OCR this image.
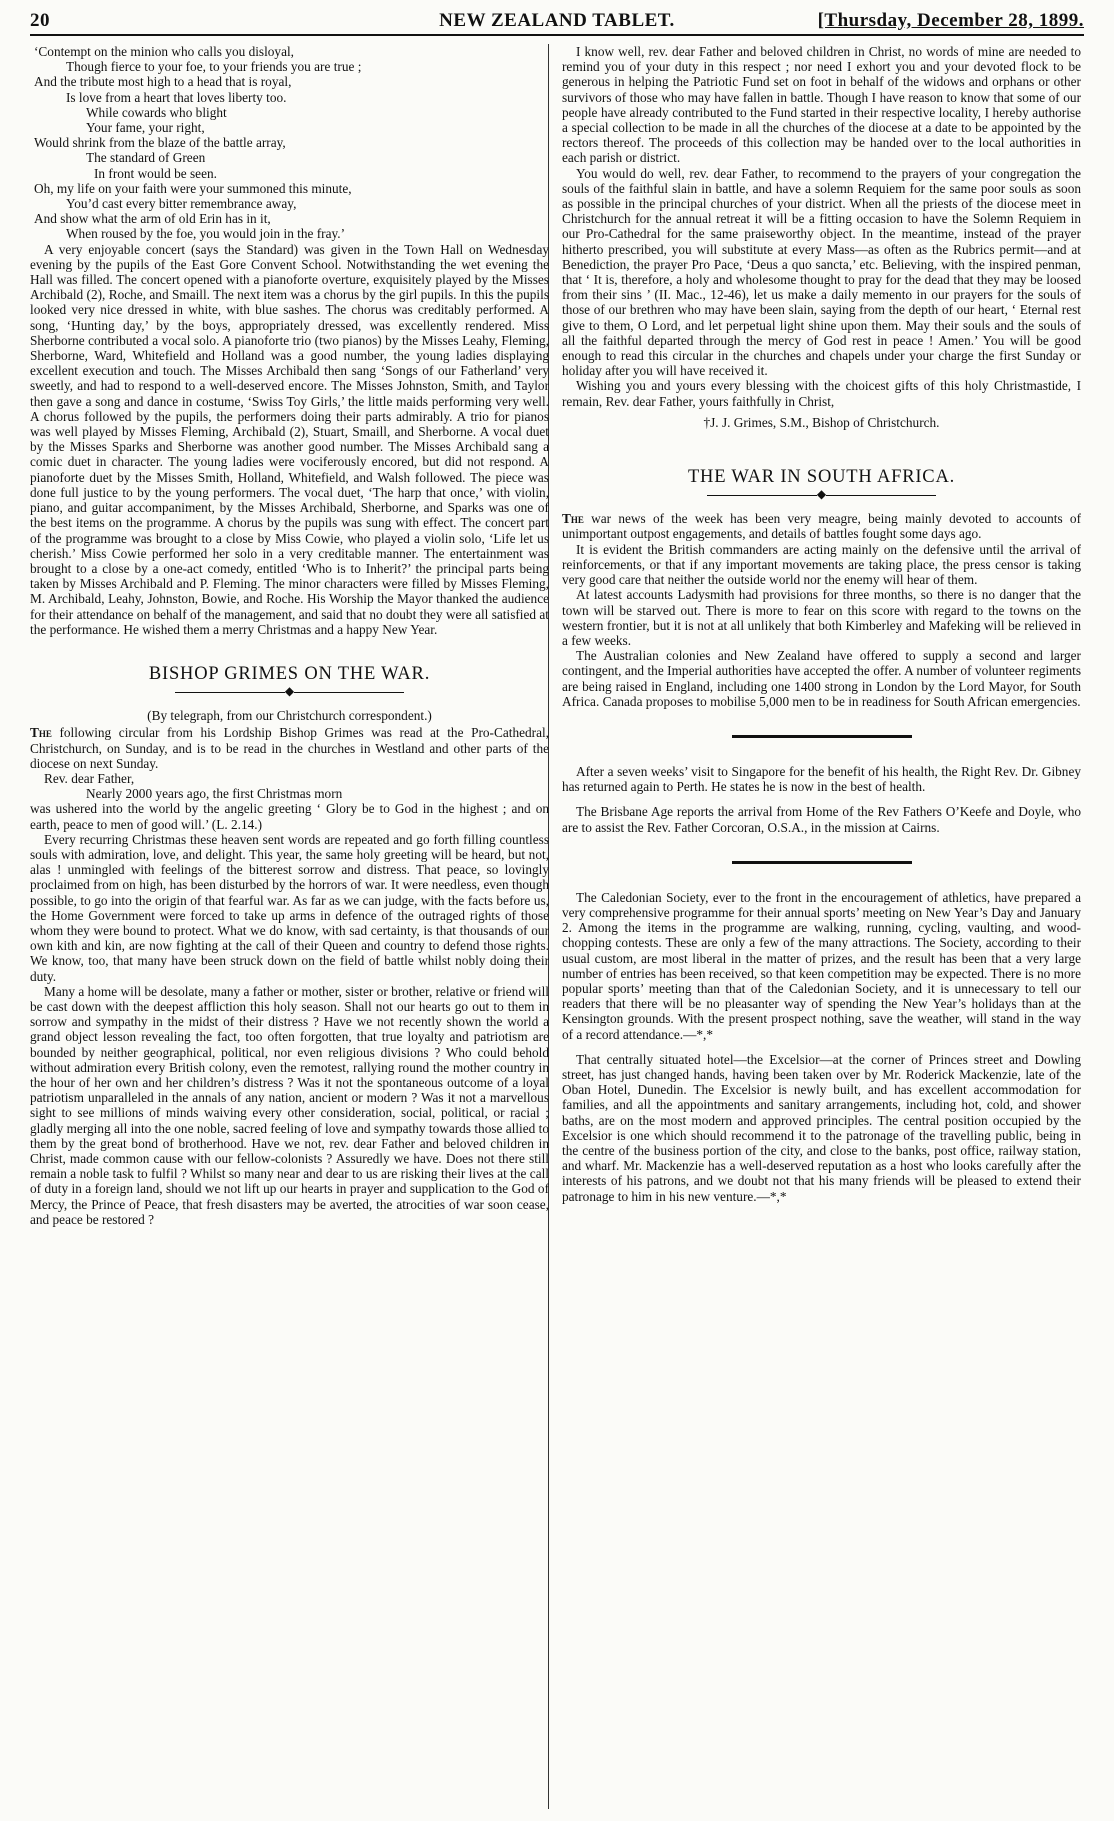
20	NEW ZEALAND TABLET.	[Thursday, December 28, 1899.
‘Contempt on the minion who calls you disloyal,
Though fierce to your foe, to your friends you are true ;
And the tribute most high to a head that is royal,
Is love from a heart that loves liberty too.
While cowards who blight
Your fame, your right,
Would shrink from the blaze of the battle array,
The standard of Green
In front would be seen.
Oh, my life on your faith were your summoned this minute,
You’d cast every bitter remembrance away,
And show what the arm of old Erin has in it,
When roused by the foe, you would join in the fray.’

A very enjoyable concert (says the Standard) was given in the Town Hall on Wednesday evening by the pupils of the East Gore Convent School. Notwithstanding the wet evening the Hall was filled. The concert opened with a pianoforte overture, exquisitely played by the Misses Archibald (2), Roche, and Smaill. The next item was a chorus by the girl pupils. In this the pupils looked very nice dressed in white, with blue sashes. The chorus was creditably performed. A song, ‘Hunting day,’ by the boys, appropriately dressed, was excellently rendered. Miss Sherborne contributed a vocal solo. A pianoforte trio (two pianos) by the Misses Leahy, Fleming, Sherborne, Ward, Whitefield and Holland was a good number, the young ladies displaying excellent execution and touch. The Misses Archibald then sang ‘Songs of our Fatherland’ very sweetly, and had to respond to a well-deserved encore. The Misses Johnston, Smith, and Taylor then gave a song and dance in costume, ‘Swiss Toy Girls,’ the little maids performing very well. A chorus followed by the pupils, the performers doing their parts admirably. A trio for pianos was well played by Misses Fleming, Archibald (2), Stuart, Smaill, and Sherborne. A vocal duet by the Misses Sparks and Sherborne was another good number. The Misses Archibald sang a comic duet in character. The young ladies were vociferously encored, but did not respond. A pianoforte duet by the Misses Smith, Holland, Whitefield, and Walsh followed. The piece was done full justice to by the young performers. The vocal duet, ‘The harp that once,’ with violin, piano, and guitar accompaniment, by the Misses Archibald, Sherborne, and Sparks was one of the best items on the programme. A chorus by the pupils was sung with effect. The concert part of the programme was brought to a close by Miss Cowie, who played a violin solo, ‘Life let us cherish.’ Miss Cowie performed her solo in a very creditable manner. The entertainment was brought to a close by a one-act comedy, entitled ‘Who is to Inherit?’ the principal parts being taken by Misses Archibald and P. Fleming. The minor characters were filled by Misses Fleming, M. Archibald, Leahy, Johnston, Bowie, and Roche. His Worship the Mayor thanked the audience for their attendance on behalf of the management, and said that no doubt they were all satisfied at the performance. He wished them a merry Christmas and a happy New Year.

BISHOP GRIMES ON THE WAR.
◆

(By telegraph, from our Christchurch correspondent.)

The following circular from his Lordship Bishop Grimes was read at the Pro-Cathedral, Christchurch, on Sunday, and is to be read in the churches in Westland and other parts of the diocese on next Sunday.

Rev. dear Father,

Nearly 2000 years ago, the first Christmas morn

was ushered into the world by the angelic greeting ‘ Glory be to God in the highest ; and on earth, peace to men of good will.’ (L. 2.14.)

Every recurring Christmas these heaven sent words are repeated and go forth filling countless souls with admiration, love, and delight. This year, the same holy greeting will be heard, but not, alas ! unmingled with feelings of the bitterest sorrow and distress. That peace, so lovingly proclaimed from on high, has been disturbed by the horrors of war. It were needless, even though possible, to go into the origin of that fearful war. As far as we can judge, with the facts before us, the Home Government were forced to take up arms in defence of the outraged rights of those whom they were bound to protect. What we do know, with sad certainty, is that thousands of our own kith and kin, are now fighting at the call of their Queen and country to defend those rights. We know, too, that many have been struck down on the field of battle whilst nobly doing their duty.

Many a home will be desolate, many a father or mother, sister or brother, relative or friend will be cast down with the deepest affliction this holy season. Shall not our hearts go out to them in sorrow and sympathy in the midst of their distress ? Have we not recently shown the world a grand object lesson revealing the fact, too often forgotten, that true loyalty and patriotism are bounded by neither geographical, political, nor even religious divisions ? Who could behold without admiration every British colony, even the remotest, rallying round the mother country in the hour of her own and her children’s distress ? Was it not the spontaneous outcome of a loyal patriotism unparalleled in the annals of any nation, ancient or modern ? Was it not a marvellous sight to see millions of minds waiving every other consideration, social, political, or racial ; gladly merging all into the one noble, sacred feeling of love and sympathy towards those allied to them by the great bond of brotherhood. Have we not, rev. dear Father and beloved children in Christ, made common cause with our fellow-colonists ? Assuredly we have. Does not there still remain a noble task to fulfil ? Whilst so many near and dear to us are risking their lives at the call of duty in a foreign land, should we not lift up our hearts in prayer and supplication to the God of Mercy, the Prince of Peace, that fresh disasters may be averted, the atrocities of war soon cease, and peace be restored ?

I know well, rev. dear Father and beloved children in Christ, no words of mine are needed to remind you of your duty in this respect ; nor need I exhort you and your devoted flock to be generous in helping the Patriotic Fund set on foot in behalf of the widows and orphans or other survivors of those who may have fallen in battle. Though I have reason to know that some of our people have already contributed to the Fund started in their respective locality, I hereby authorise a special collection to be made in all the churches of the diocese at a date to be appointed by the rectors thereof. The proceeds of this collection may be handed over to the local authorities in each parish or district.

You would do well, rev. dear Father, to recommend to the prayers of your congregation the souls of the faithful slain in battle, and have a solemn Requiem for the same poor souls as soon as possible in the principal churches of your district. When all the priests of the diocese meet in Christchurch for the annual retreat it will be a fitting occasion to have the Solemn Requiem in our Pro-Cathedral for the same praiseworthy object. In the meantime, instead of the prayer hitherto prescribed, you will substitute at every Mass—as often as the Rubrics permit—and at Benediction, the prayer Pro Pace, ‘Deus a quo sancta,’ etc. Believing, with the inspired penman, that ‘ It is, therefore, a holy and wholesome thought to pray for the dead that they may be loosed from their sins ’ (II. Mac., 12-46), let us make a daily memento in our prayers for the souls of those of our brethren who may have been slain, saying from the depth of our heart, ‘ Eternal rest give to them, O Lord, and let perpetual light shine upon them. May their souls and the souls of all the faithful departed through the mercy of God rest in peace ! Amen.’ You will be good enough to read this circular in the churches and chapels under your charge the first Sunday or holiday after you will have received it.

Wishing you and yours every blessing with the choicest gifts of this holy Christmastide, I remain, Rev. dear Father, yours faithfully in Christ,

†J. J. Grimes, S.M., Bishop of Christchurch.

THE WAR IN SOUTH AFRICA.
◆

The war news of the week has been very meagre, being mainly devoted to accounts of unimportant outpost engagements, and details of battles fought some days ago.

It is evident the British commanders are acting mainly on the defensive until the arrival of reinforcements, or that if any important movements are taking place, the press censor is taking very good care that neither the outside world nor the enemy will hear of them.

At latest accounts Ladysmith had provisions for three months, so there is no danger that the town will be starved out. There is more to fear on this score with regard to the towns on the western frontier, but it is not at all unlikely that both Kimberley and Mafeking will be relieved in a few weeks.

The Australian colonies and New Zealand have offered to supply a second and larger contingent, and the Imperial authorities have accepted the offer. A number of volunteer regiments are being raised in England, including one 1400 strong in London by the Lord Mayor, for South Africa. Canada proposes to mobilise 5,000 men to be in readiness for South African emergencies.

After a seven weeks’ visit to Singapore for the benefit of his health, the Right Rev. Dr. Gibney has returned again to Perth. He states he is now in the best of health.

The Brisbane Age reports the arrival from Home of the Rev Fathers O’Keefe and Doyle, who are to assist the Rev. Father Corcoran, O.S.A., in the mission at Cairns.

The Caledonian Society, ever to the front in the encouragement of athletics, have prepared a very comprehensive programme for their annual sports’ meeting on New Year’s Day and January 2. Among the items in the programme are walking, running, cycling, vaulting, and wood-chopping contests. These are only a few of the many attractions. The Society, according to their usual custom, are most liberal in the matter of prizes, and the result has been that a very large number of entries has been received, so that keen competition may be expected. There is no more popular sports’ meeting than that of the Caledonian Society, and it is unnecessary to tell our readers that there will be no pleasanter way of spending the New Year’s holidays than at the Kensington grounds. With the present prospect nothing, save the weather, will stand in the way of a record attendance.—*,*

That centrally situated hotel—the Excelsior—at the corner of Princes street and Dowling street, has just changed hands, having been taken over by Mr. Roderick Mackenzie, late of the Oban Hotel, Dunedin. The Excelsior is newly built, and has excellent accommodation for families, and all the appointments and sanitary arrangements, including hot, cold, and shower baths, are on the most modern and approved principles. The central position occupied by the Excelsior is one which should recommend it to the patronage of the travelling public, being in the centre of the business portion of the city, and close to the banks, post office, railway station, and wharf. Mr. Mackenzie has a well-deserved reputation as a host who looks carefully after the interests of his patrons, and we doubt not that his many friends will be pleased to extend their patronage to him in his new venture.—*,*
